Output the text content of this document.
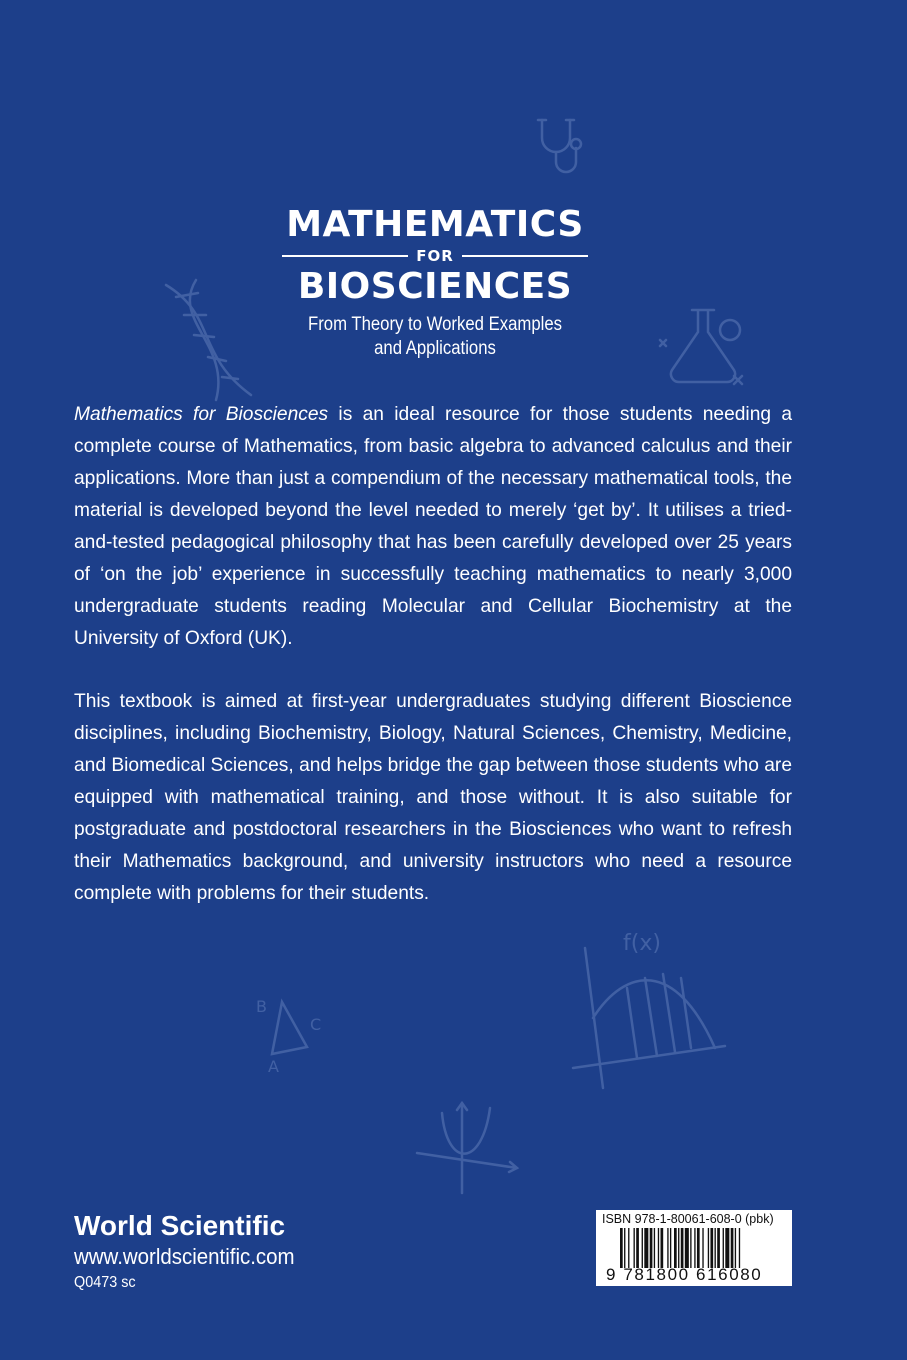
B
C
A
f(x)
MATHEMATICS
FOR
BIOSCIENCES
From Theory to Worked Examples
and Applications

Mathematics for Biosciences is an ideal resource for those students needing a complete course of Mathematics, from basic algebra to advanced calculus and their applications. More than just a compendium of the necessary mathematical tools, the material is developed beyond the level needed to merely ‘get by’. It utilises a tried-and-tested pedagogical philosophy that has been carefully developed over 25 years of ‘on the job’ experience in successfully teaching mathematics to nearly 3,000 undergraduate students reading Molecular and Cellular Biochemistry at the University of Oxford (UK).

This textbook is aimed at first-year undergraduates studying different Bioscience disciplines, including Biochemistry, Biology, Natural Sciences, Chemistry, Medicine, and Biomedical Sciences, and helps bridge the gap between those students who are equipped with mathematical training, and those without. It is also suitable for postgraduate and postdoctoral researchers in the Biosciences who want to refresh their Mathematics background, and university instructors who need a resource complete with problems for their students.

World Scientific
www.worldscientific.com
Q0473 sc
ISBN 978-1-80061-608-0 (pbk)
9 781800 616080
